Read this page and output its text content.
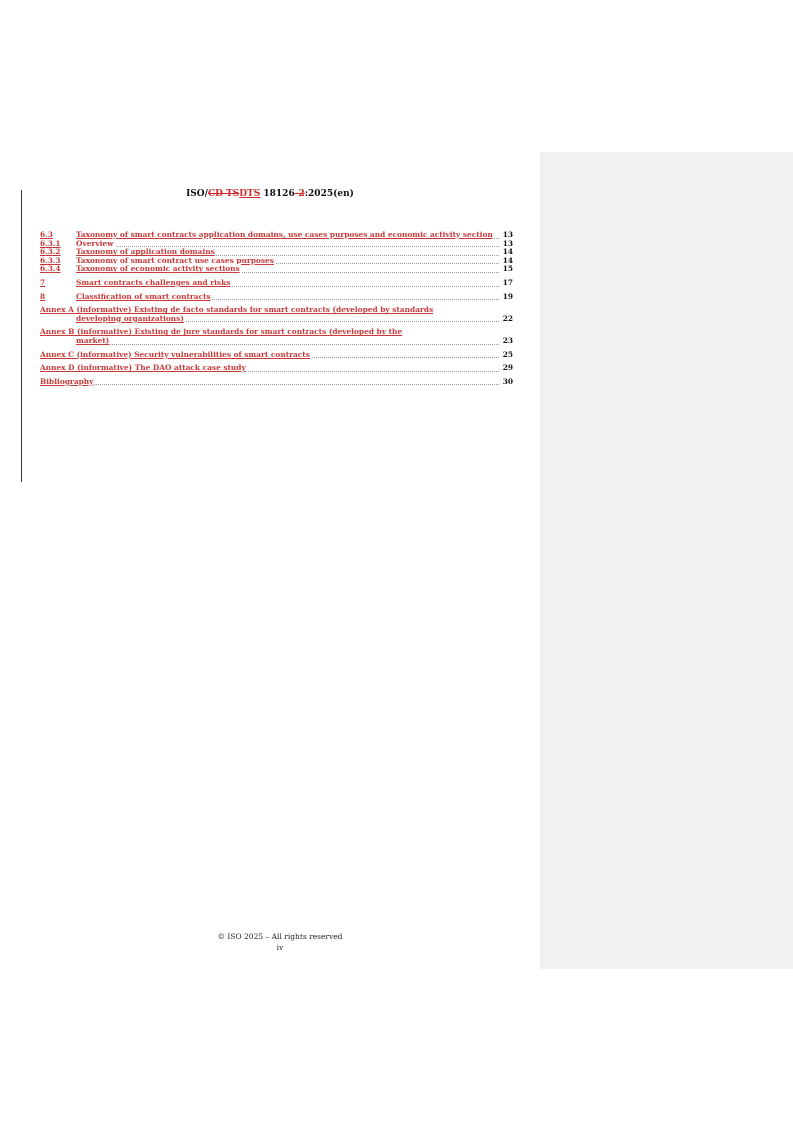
ISO/CD TSDTS 18126-2:2025(en)
6.3	Taxonomy of smart contracts application domains, use cases purposes and economic activity section	13
6.3.1 Overview	13
6.3.2 Taxonomy of application domains	14
6.3.3 Taxonomy of smart contract use cases purposes	14
6.3.4 Taxonomy of economic activity sections	15
7	Smart contracts challenges and risks	17
8	Classification of smart contracts	19
Annex A (informative) Existing de facto standards for smart contracts (developed by standards
developing organizations)	22
Annex B (informative) Existing de jure standards for smart contracts (developed by the
market)	23
Annex C (informative) Security vulnerabilities of smart contracts	25
Annex D (informative) The DAO attack case study	29
Bibliography	30
© ISO 2025 – All rights reserved
iv
